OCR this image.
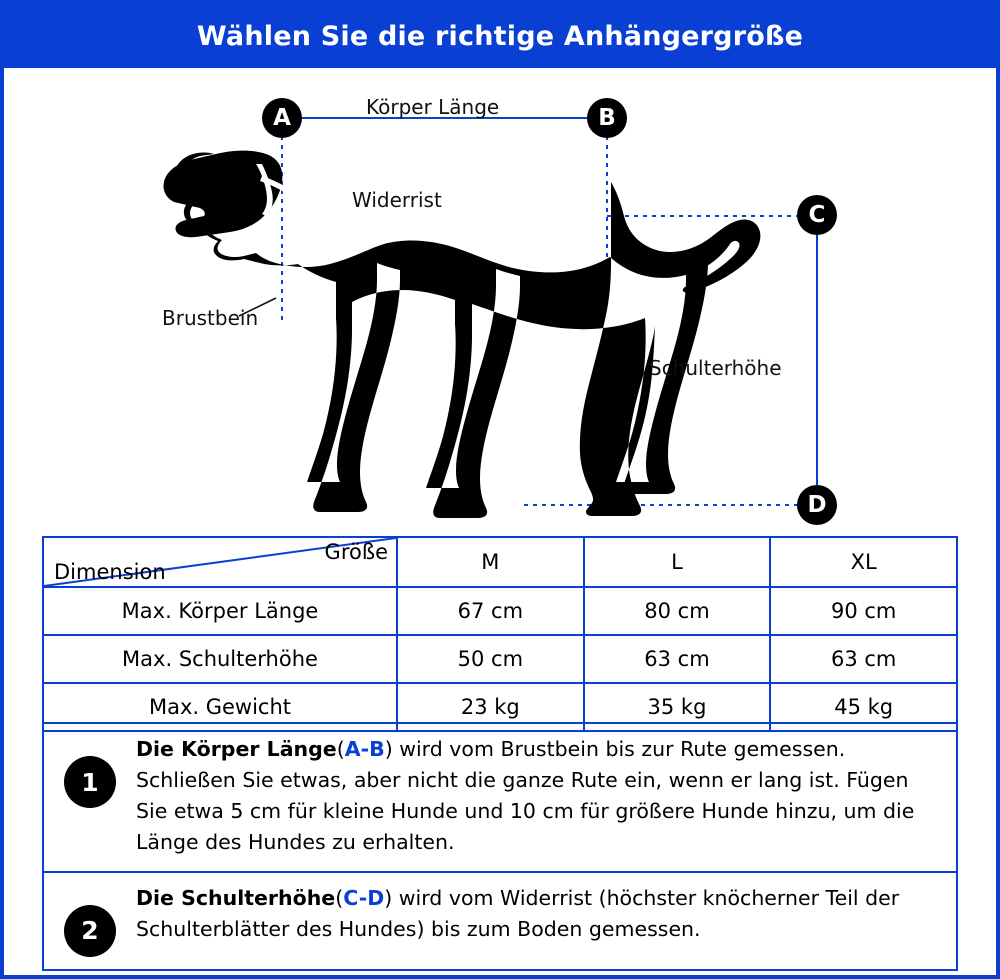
Wählen Sie die richtige Anhängergröße
Körper Länge
Widerrist
Brustbein
Schulterhöhe
A	B
C
D
Größe
Dimension	M	L	XL
Max. Körper Länge	67 cm	80 cm	90 cm
Max. Schulterhöhe	50 cm	63 cm	63 cm
Max. Gewicht	23 kg	35 kg	45 kg
1
Die Körper Länge(A-B) wird vom Brustbein bis zur Rute gemessen. Schließen Sie etwas, aber nicht die ganze Rute ein, wenn er lang ist. Fügen Sie etwa 5 cm für kleine Hunde und 10 cm für größere Hunde hinzu, um die Länge des Hundes zu erhalten.
2
Die Schulterhöhe(C-D) wird vom Widerrist (höchster knöcherner Teil der Schulterblätter des Hundes) bis zum Boden gemessen.
